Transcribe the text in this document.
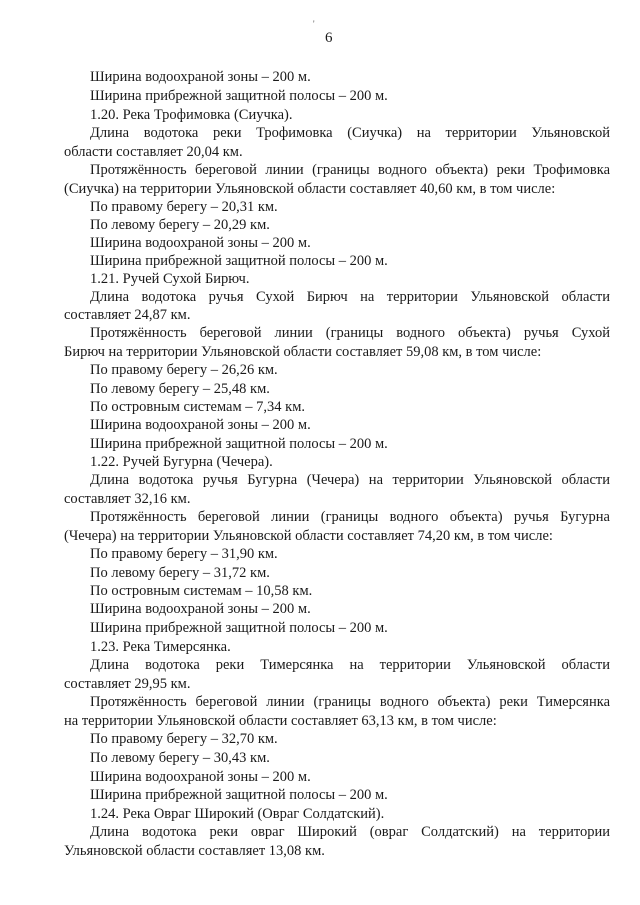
'
6
Ширина водоохраной зоны – 200 м.
Ширина прибрежной защитной полосы – 200 м.
1.20. Река Трофимовка (Сиучка).
Длина водотока реки Трофимовка (Сиучка) на территории Ульяновской
области составляет 20,04 км.
Протяжённость береговой линии (границы водного объекта) реки Трофимовка
(Сиучка) на территории Ульяновской области составляет 40,60 км, в том числе:
По правому берегу – 20,31 км.
По левому берегу – 20,29 км.
Ширина водоохраной зоны – 200 м.
Ширина прибрежной защитной полосы – 200 м.
1.21. Ручей Сухой Бирюч.
Длина водотока ручья Сухой Бирюч на территории Ульяновской области
составляет 24,87 км.
Протяжённость береговой линии (границы водного объекта) ручья Сухой
Бирюч на территории Ульяновской области составляет 59,08 км, в том числе:
По правому берегу – 26,26 км.
По левому берегу – 25,48 км.
По островным системам – 7,34 км.
Ширина водоохраной зоны – 200 м.
Ширина прибрежной защитной полосы – 200 м.
1.22. Ручей Бугурна (Чечера).
Длина водотока ручья Бугурна (Чечера) на территории Ульяновской области
составляет 32,16 км.
Протяжённость береговой линии (границы водного объекта) ручья Бугурна
(Чечера) на территории Ульяновской области составляет 74,20 км, в том числе:
По правому берегу – 31,90 км.
По левому берегу – 31,72 км.
По островным системам – 10,58 км.
Ширина водоохраной зоны – 200 м.
Ширина прибрежной защитной полосы – 200 м.
1.23. Река Тимерсянка.
Длина водотока реки Тимерсянка на территории Ульяновской области
составляет 29,95 км.
Протяжённость береговой линии (границы водного объекта) реки Тимерсянка
на территории Ульяновской области составляет 63,13 км, в том числе:
По правому берегу – 32,70 км.
По левому берегу – 30,43 км.
Ширина водоохраной зоны – 200 м.
Ширина прибрежной защитной полосы – 200 м.
1.24. Река Овраг Широкий (Овраг Солдатский).
Длина водотока реки овраг Широкий (овраг Солдатский) на территории
Ульяновской области составляет 13,08 км.
